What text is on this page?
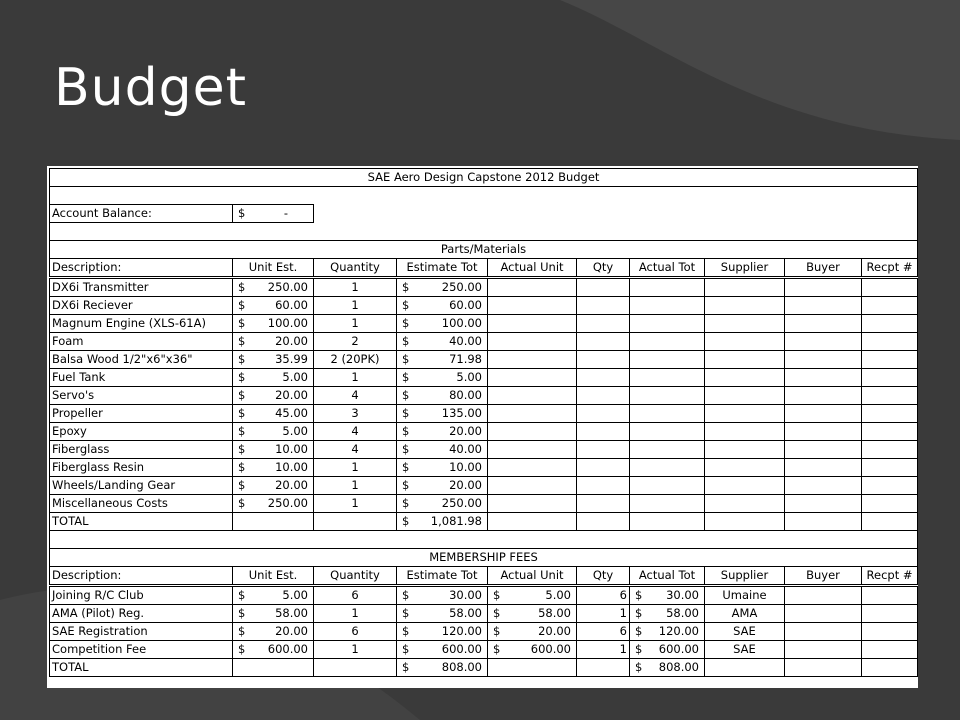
Budget
SAE Aero Design Capstone 2012 Budget									

Account Balance:	$ -								

Parts/Materials									
Description:	Unit Est.	Quantity	Estimate Tot	Actual Unit	Qty	Actual Tot	Supplier	Buyer	Recpt #
DX6i Transmitter	$ 250.00	1	$ 250.00						

DX6i Reciever	$ 60.00	1	$ 60.00						

Magnum Engine (XLS-61A)	$ 100.00	1	$ 100.00						

Foam	$ 20.00	2	$ 40.00						

Balsa Wood 1/2"x6"x36"	$ 35.99	2 (20PK)	$ 71.98						

Fuel Tank	$ 5.00	1	$ 5.00						

Servo's	$ 20.00	4	$ 80.00						

Propeller	$ 45.00	3	$ 135.00						

Epoxy	$ 5.00	4	$ 20.00						

Fiberglass	$ 10.00	4	$ 40.00						

Fiberglass Resin	$ 10.00	1	$ 10.00						

Wheels/Landing Gear	$ 20.00	1	$ 20.00						

Miscellaneous Costs	$ 250.00	1	$ 250.00						

TOTAL			$ 1,081.98						

MEMBERSHIP FEES									
Description:	Unit Est.	Quantity	Estimate Tot	Actual Unit	Qty	Actual Tot	Supplier	Buyer	Recpt #
Joining R/C Club	$ 5.00	6	$ 30.00	$ 5.00	6	$ 30.00	Umaine		
AMA (Pilot) Reg.	$ 58.00	1	$ 58.00	$ 58.00	1	$ 58.00	AMA		
SAE Registration	$ 20.00	6	$ 120.00	$ 20.00	6	$ 120.00	SAE		
Competition Fee	$ 600.00	1	$ 600.00	$ 600.00	1	$ 600.00	SAE		
TOTAL			$ 808.00			$ 808.00			
